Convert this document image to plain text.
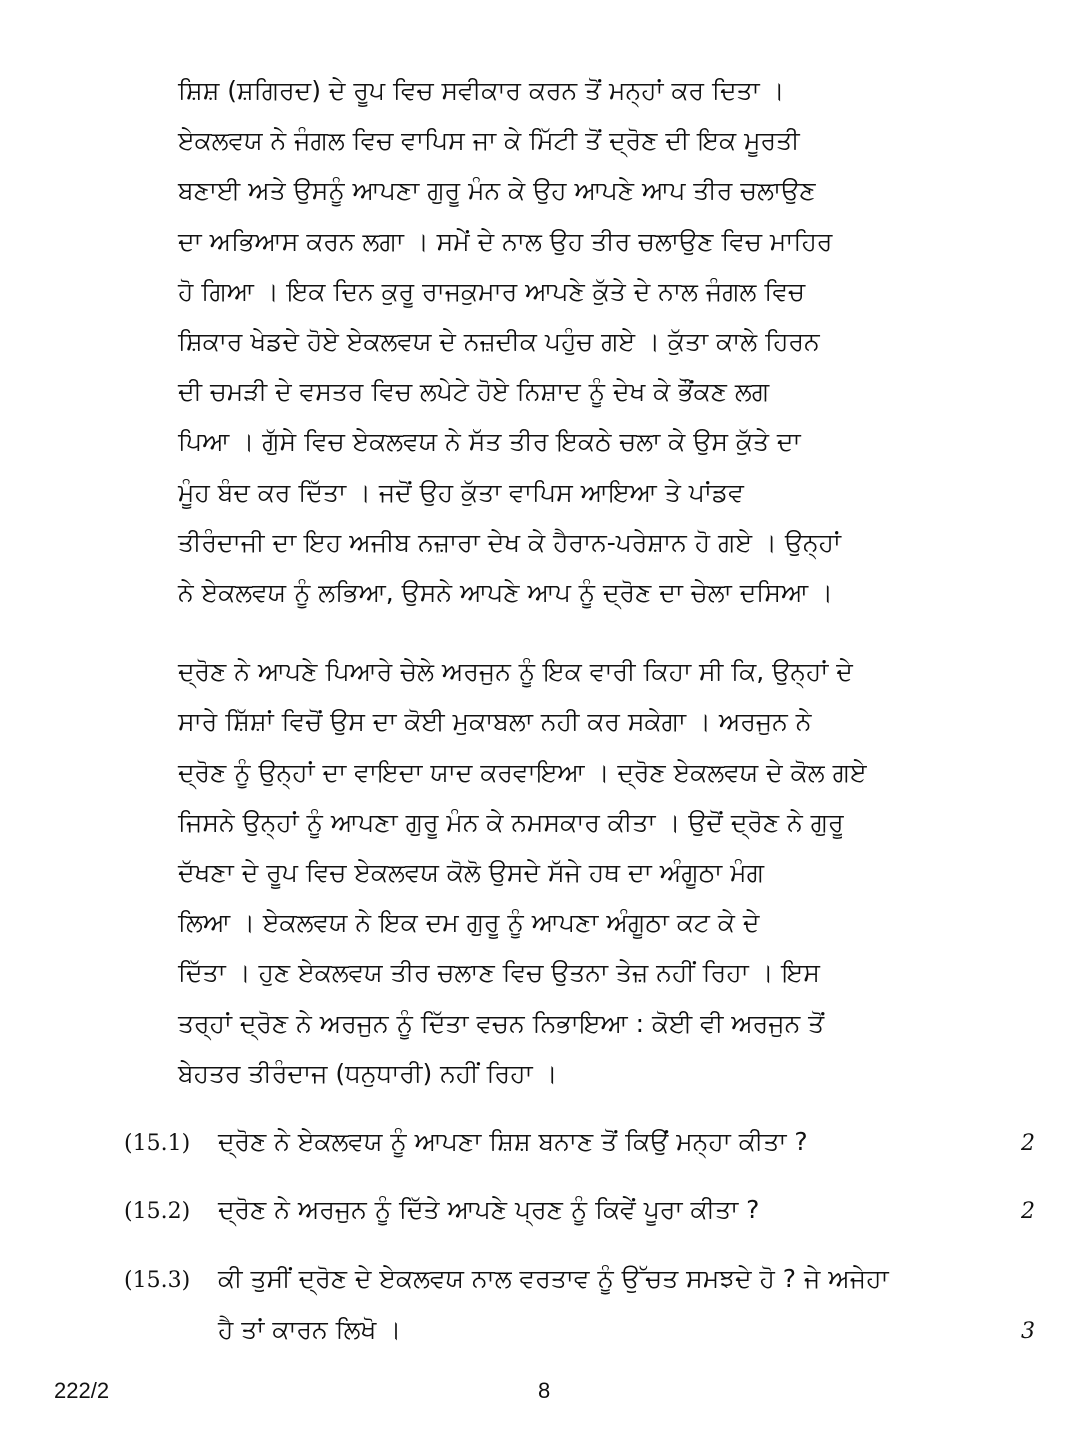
ਸ਼ਿਸ਼ (ਸ਼ਗਿਰਦ) ਦੇ ਰੂਪ ਵਿਚ ਸਵੀਕਾਰ ਕਰਨ ਤੋਂ ਮਨ੍ਹਾਂ ਕਰ ਦਿਤਾ ।
ਏਕਲਵਯ ਨੇ ਜੰਗਲ ਵਿਚ ਵਾਪਿਸ ਜਾ ਕੇ ਮਿੱਟੀ ਤੋਂ ਦ੍ਰੋਣ ਦੀ ਇਕ ਮੂਰਤੀ
ਬਣਾਈ ਅਤੇ ਉਸਨੂੰ ਆਪਣਾ ਗੁਰੂ ਮੰਨ ਕੇ ਉਹ ਆਪਣੇ ਆਪ ਤੀਰ ਚਲਾਉਣ
ਦਾ ਅਭਿਆਸ ਕਰਨ ਲਗਾ । ਸਮੇਂ ਦੇ ਨਾਲ ਉਹ ਤੀਰ ਚਲਾਉਣ ਵਿਚ ਮਾਹਿਰ
ਹੋ ਗਿਆ । ਇਕ ਦਿਨ ਕੁਰੂ ਰਾਜਕੁਮਾਰ ਆਪਣੇ ਕੁੱਤੇ ਦੇ ਨਾਲ ਜੰਗਲ ਵਿਚ
ਸ਼ਿਕਾਰ ਖੇਡਦੇ ਹੋਏ ਏਕਲਵਯ ਦੇ ਨਜ਼ਦੀਕ ਪਹੁੰਚ ਗਏ । ਕੁੱਤਾ ਕਾਲੇ ਹਿਰਨ
ਦੀ ਚਮੜੀ ਦੇ ਵਸਤਰ ਵਿਚ ਲਪੇਟੇ ਹੋਏ ਨਿਸ਼ਾਦ ਨੂੰ ਦੇਖ ਕੇ ਭੌਂਕਣ ਲਗ
ਪਿਆ । ਗੁੱਸੇ ਵਿਚ ਏਕਲਵਯ ਨੇ ਸੱਤ ਤੀਰ ਇਕਠੇ ਚਲਾ ਕੇ ਉਸ ਕੁੱਤੇ ਦਾ
ਮੂੰਹ ਬੰਦ ਕਰ ਦਿੱਤਾ । ਜਦੋਂ ਉਹ ਕੁੱਤਾ ਵਾਪਿਸ ਆਇਆ ਤੇ ਪਾਂਡਵ
ਤੀਰੰਦਾਜੀ ਦਾ ਇਹ ਅਜੀਬ ਨਜ਼ਾਰਾ ਦੇਖ ਕੇ ਹੈਰਾਨ-ਪਰੇਸ਼ਾਨ ਹੋ ਗਏ । ਉਨ੍ਹਾਂ
ਨੇ ਏਕਲਵਯ ਨੂੰ ਲਭਿਆ, ਉਸਨੇ ਆਪਣੇ ਆਪ ਨੂੰ ਦ੍ਰੋਣ ਦਾ ਚੇਲਾ ਦਸਿਆ ।
ਦ੍ਰੋਣ ਨੇ ਆਪਣੇ ਪਿਆਰੇ ਚੇਲੇ ਅਰਜੁਨ ਨੂੰ ਇਕ ਵਾਰੀ ਕਿਹਾ ਸੀ ਕਿ, ਉਨ੍ਹਾਂ ਦੇ
ਸਾਰੇ ਸ਼ਿੱਸ਼ਾਂ ਵਿਚੋਂ ਉਸ ਦਾ ਕੋਈ ਮੁਕਾਬਲਾ ਨਹੀ ਕਰ ਸਕੇਗਾ । ਅਰਜੁਨ ਨੇ
ਦ੍ਰੋਣ ਨੂੰ ਉਨ੍ਹਾਂ ਦਾ ਵਾਇਦਾ ਯਾਦ ਕਰਵਾਇਆ । ਦ੍ਰੋਣ ਏਕਲਵਯ ਦੇ ਕੋਲ ਗਏ
ਜਿਸਨੇ ਉਨ੍ਹਾਂ ਨੂੰ ਆਪਣਾ ਗੁਰੂ ਮੰਨ ਕੇ ਨਮਸਕਾਰ ਕੀਤਾ । ਉਦੋਂ ਦ੍ਰੋਣ ਨੇ ਗੁਰੂ
ਦੱਖਣਾ ਦੇ ਰੂਪ ਵਿਚ ਏਕਲਵਯ ਕੋਲੋ ਉਸਦੇ ਸੱਜੇ ਹਥ ਦਾ ਅੰਗੂਠਾ ਮੰਗ
ਲਿਆ । ਏਕਲਵਯ ਨੇ ਇਕ ਦਮ ਗੁਰੂ ਨੂੰ ਆਪਣਾ ਅੰਗੂਠਾ ਕਟ ਕੇ ਦੇ
ਦਿੱਤਾ । ਹੁਣ ਏਕਲਵਯ ਤੀਰ ਚਲਾਣ ਵਿਚ ਉਤਨਾ ਤੇਜ਼ ਨਹੀਂ ਰਿਹਾ । ਇਸ
ਤਰ੍ਹਾਂ ਦ੍ਰੋਣ ਨੇ ਅਰਜੁਨ ਨੂੰ ਦਿੱਤਾ ਵਚਨ ਨਿਭਾਇਆ : ਕੋਈ ਵੀ ਅਰਜੁਨ ਤੋਂ
ਬੇਹਤਰ ਤੀਰੰਦਾਜ (ਧਨੁਧਾਰੀ) ਨਹੀਂ ਰਿਹਾ ।
(15.1) ਦ੍ਰੋਣ ਨੇ ਏਕਲਵਯ ਨੂੰ ਆਪਣਾ ਸ਼ਿਸ਼ ਬਨਾਣ ਤੋਂ ਕਿਉਂ ਮਨ੍ਹਾ ਕੀਤਾ ?	2
(15.2) ਦ੍ਰੋਣ ਨੇ ਅਰਜੁਨ ਨੂੰ ਦਿੱਤੇ ਆਪਣੇ ਪ੍ਰਣ ਨੂੰ ਕਿਵੇਂ ਪੂਰਾ ਕੀਤਾ ?	2
(15.3) ਕੀ ਤੁਸੀਂ ਦ੍ਰੋਣ ਦੇ ਏਕਲਵਯ ਨਾਲ ਵਰਤਾਵ ਨੂੰ ਉੱਚਤ ਸਮਝਦੇ ਹੋ ? ਜੇ ਅਜੇਹਾ
ਹੈ ਤਾਂ ਕਾਰਨ ਲਿਖੋ ।	3
222/2	8
